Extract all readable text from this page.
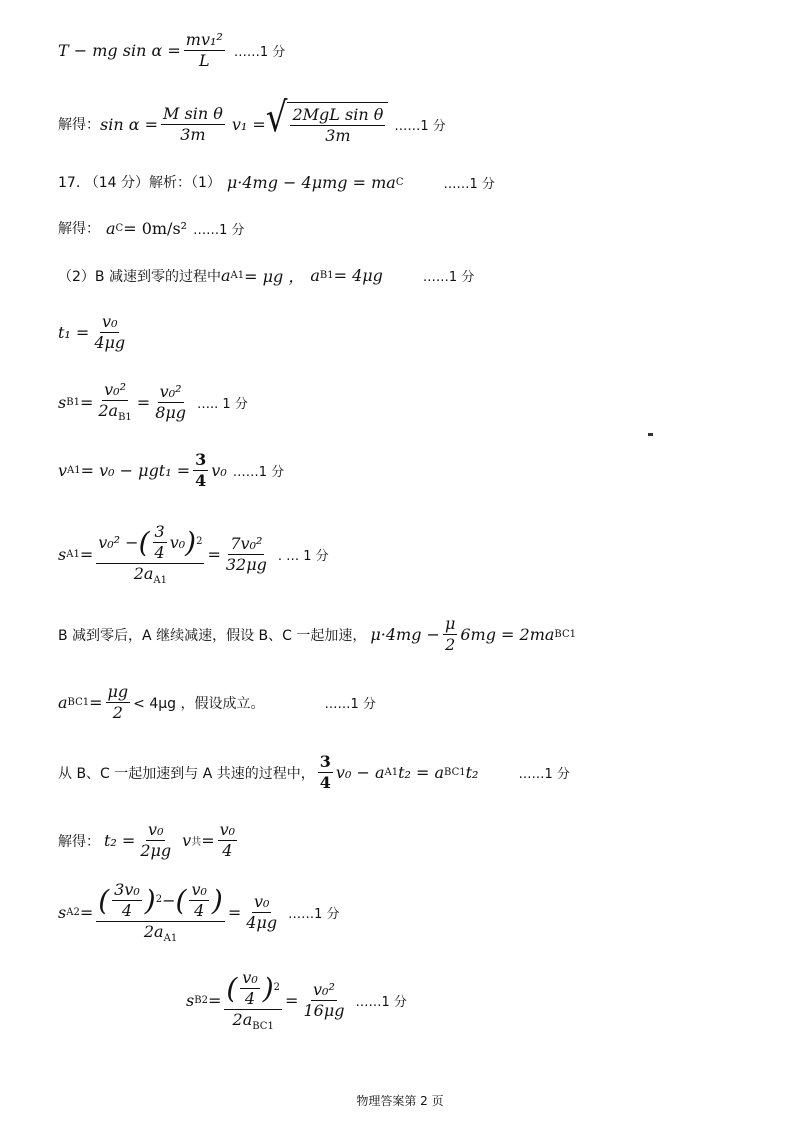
T − mg $\sin \alpha = \frac{\text{mv₁²}}{L}$ ……1 分
解得： $\sin \alpha = \frac{\text{M sin θ}}{3m} v_1$ = √ $\frac{\text{2MgL sin θ}}{3m}$ ……1 分
17. （14 分）解析：（1） μ·4mg − 4μmg = ma C	……1 分
解得： a C = 0m/s² ……1 分
（2）B 减速到零的过程中 a A1 = μg ， a B1 = 4μg	……1 分
$t_1 = \frac{\text{v₀}}{4\mu g}$
s $B1 = \frac{\text{v₀²}}{2a_{B1}} = \frac{\text{v₀²}}{8\mu g}$ ….. 1 分
v $A1 = v_0 - \mu gt_1 = \frac{3}{4} v_0$ ……1 分
s A1 =
v₀² − ( $\frac{3}{4} v_0$ ) 2
$2a_{A1}$
= $\frac{\text{7v₀²}}{32\mu g}$ . … 1 分
B 减到零后，A 继续减速，假设 B、C 一起加速， $\mu\cdot 4mg - \frac{\mu}{2} 6mg = 2ma$ BC1
a $BC1 = \frac{\mu g}{2} < 4\mu g$ ，假设成立。	……1 分
从 B、C 一起加速到与 A 共速的过程中， $\frac{3}{4} v_0 - a$ A1 t₂ = a BC1 t₂	……1 分
解得： $t_2 = \frac{\text{v₀}}{2\mu g}$ v 共 = $\frac{\text{v₀}}{4}$
s A2 = ( $\frac{\text{3v₀}}{4}$ ) 2 − ( $\frac{\text{v₀}}{4}$ )
$2a_{A1}$
= $\frac{\text{v₀}}{4\mu g}$ ……1 分
s $B2 = \frac{( \frac{\text{v₀}}{4} ) 2}{2a_{BC1}} = \frac{\text{v₀²}}{16\mu g}$ ……1 分
物理答案第 2 页
